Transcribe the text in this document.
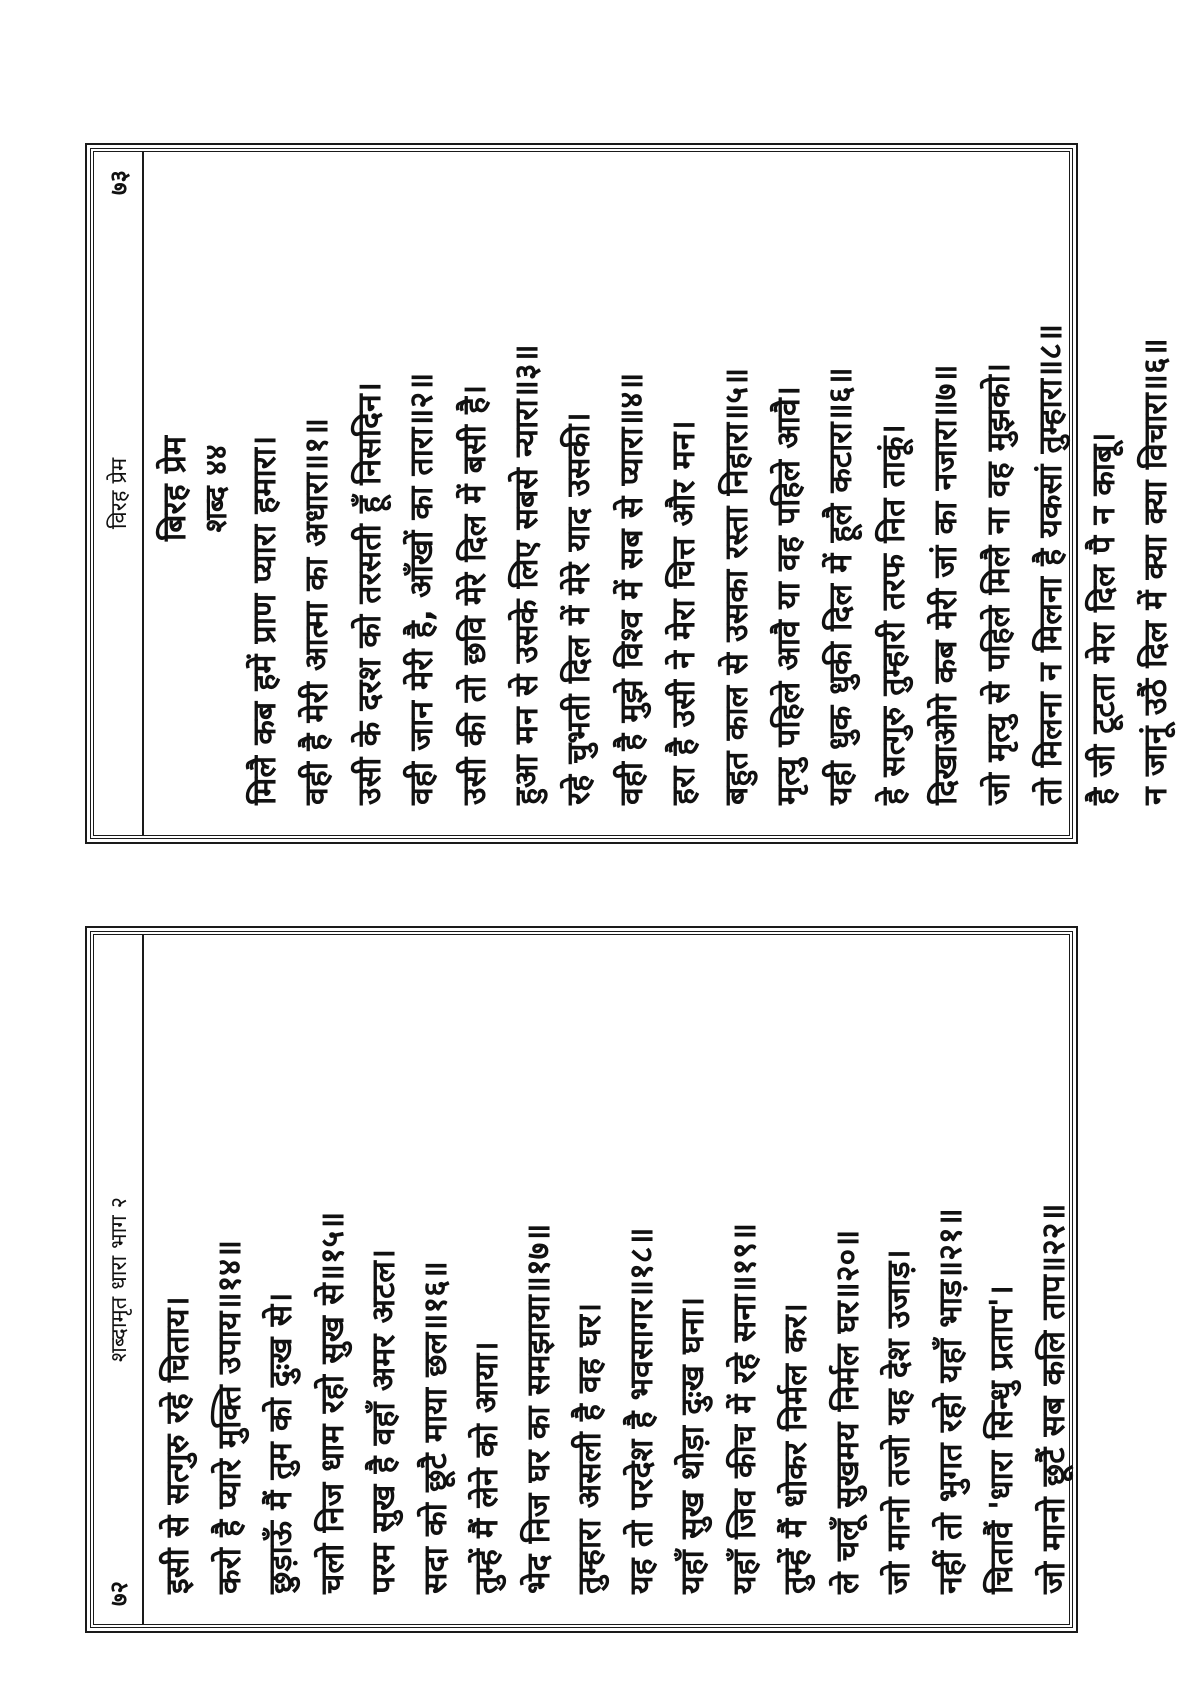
७२
शब्दामृत धारा भाग २
इसी से सत्गुरु रहे चिताय। करो है प्यारे मुक्ति उपाय॥१४॥ छुड़ाऊँ मैं तुम को दुःख से। चलो निज धाम रहो सुख से॥१५॥ परम सुख है वहाँ अमर अटल। सदा को छूटै माया छल॥१६॥ तुम्हें मैं लेने को आया। भेद निज घर का समझाया॥१७॥ तुम्हारा असली है वह घर। यह तो परदेश है भवसागर॥१८॥ यहाँ सुख थोड़ा दुःख घना। यहाँ जिव कीच में रहे सना॥१९॥ तुम्हें मैं धोकर निर्मल कर। ले चलूँ सुखमय निर्मल घर॥२०॥ जो मानो तजो यह देश उजाड़। नहीं तो भुगत रहो यहाँ भाड़॥२१॥ चितावैं 'धारा सिन्धु प्रताप'। जो मानो छूटैं सब कलि ताप॥२२॥
७३
विरह प्रेम बिरह प्रेम शब्द ४४ मिलै कब हमें प्राण प्यारा हमारा। वही है मेरी आत्मा का अधारा॥१॥ उसी के दरश को तरसती हूँ निसदिन। वही जान मेरी है, आँखों का तारा॥२॥ उसी की तो छवि मेरे दिल में बसी है। हुआ मन से उसके लिए सबसे न्यारा॥३॥ रहे चुभती दिल में मेरे याद उसकी। वही है मुझे विश्व में सब से प्यारा॥४॥ हरा है उसी ने मेरा चित्त और मन। बहुत काल से उसका रस्ता निहारा॥५॥ मृत्यु पहिले आवै या वह पहिले आवै। यही धुक धुकी दिल में हूलै कटारा॥६॥ हे सत्गुरु तुम्हारी तरफ नित ताकूं। दिखाओगे कब मेरी जां का नजारा॥७॥ जो मृत्यु से पहिले मिलै ना वह मुझको। तो मिलना न मिलना है यकसां तुम्हारा॥८॥ है जी टूटता मेरा दिल पै न काबू। न जानूं उठैं दिल में क्या क्या विचारा॥६॥
